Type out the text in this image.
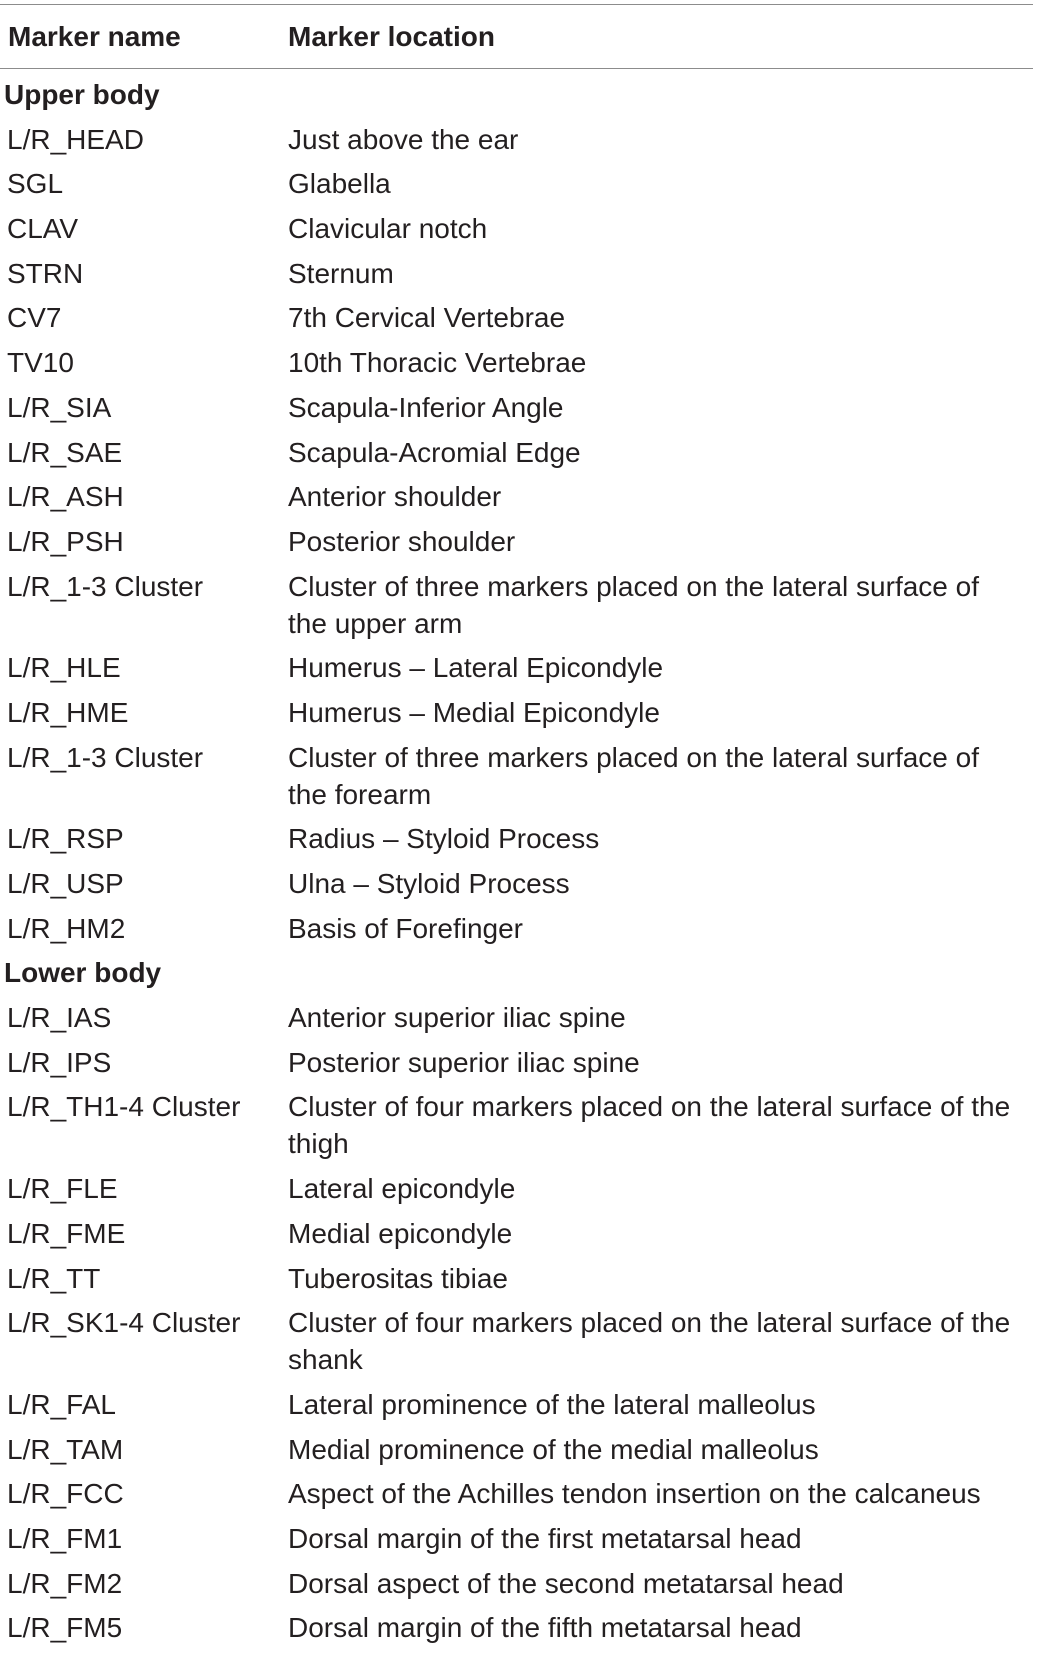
Marker name	Marker location
Upper body
L/R_HEAD	Just above the ear
SGL	Glabella
CLAV	Clavicular notch
STRN	Sternum
CV7	7th Cervical Vertebrae
TV10	10th Thoracic Vertebrae
L/R_SIA	Scapula-Inferior Angle
L/R_SAE	Scapula-Acromial Edge
L/R_ASH	Anterior shoulder
L/R_PSH	Posterior shoulder
L/R_1-3 Cluster	Cluster of three markers placed on the lateral surface of the upper arm
L/R_HLE	Humerus – Lateral Epicondyle
L/R_HME	Humerus – Medial Epicondyle
L/R_1-3 Cluster	Cluster of three markers placed on the lateral surface of the forearm
L/R_RSP	Radius – Styloid Process
L/R_USP	Ulna – Styloid Process
L/R_HM2	Basis of Forefinger
Lower body
L/R_IAS	Anterior superior iliac spine
L/R_IPS	Posterior superior iliac spine
L/R_TH1-4 Cluster	Cluster of four markers placed on the lateral surface of the thigh
L/R_FLE	Lateral epicondyle
L/R_FME	Medial epicondyle
L/R_TT	Tuberositas tibiae
L/R_SK1-4 Cluster	Cluster of four markers placed on the lateral surface of the shank
L/R_FAL	Lateral prominence of the lateral malleolus
L/R_TAM	Medial prominence of the medial malleolus
L/R_FCC	Aspect of the Achilles tendon insertion on the calcaneus
L/R_FM1	Dorsal margin of the first metatarsal head
L/R_FM2	Dorsal aspect of the second metatarsal head
L/R_FM5	Dorsal margin of the fifth metatarsal head
